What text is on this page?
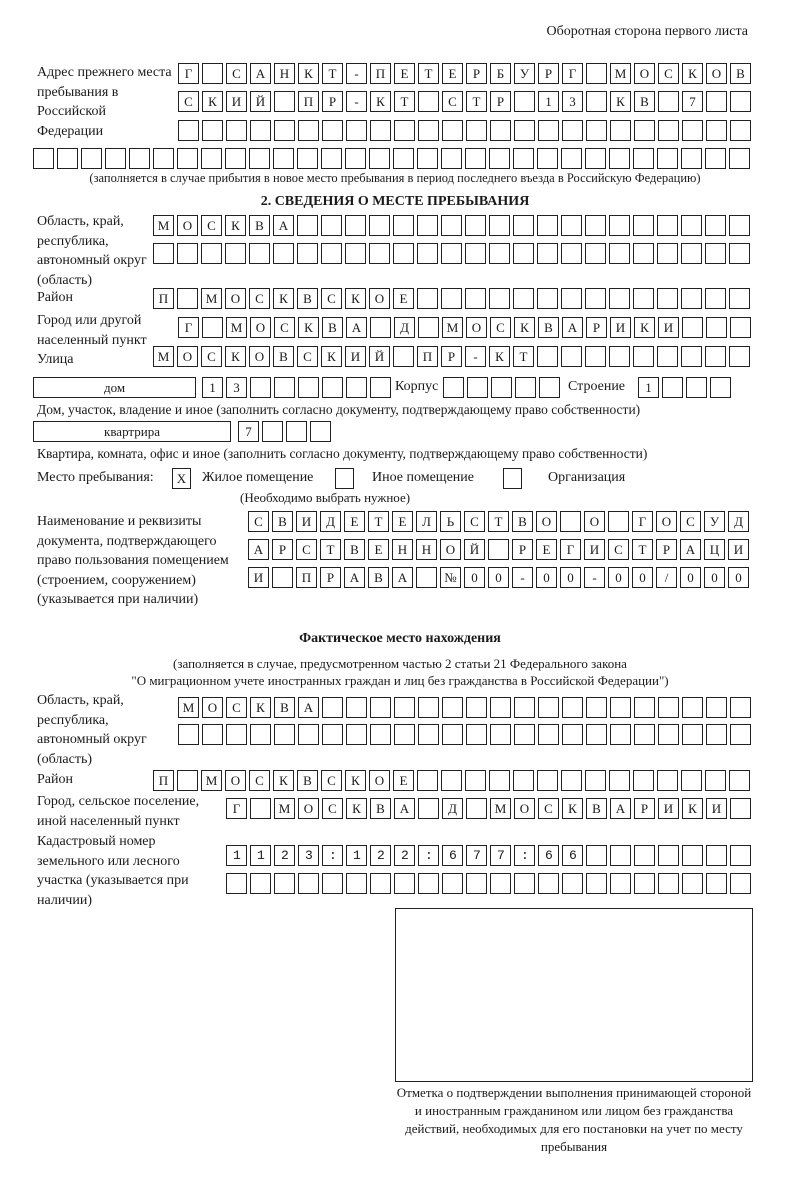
Оборотная сторона первого листа
Адрес прежнего места пребывания в Российской Федерации
Г	С	А	Н	К	Т	-	П	Е	Т	Е	Р	Б	У	Р	Г	М	О	С	К	О	В
С	К	И	Й	П	Р	-	К	Т	С	Т	Р	1	3	К	В	7
(заполняется в случае прибытия в новое место пребывания в период последнего въезда в Российскую Федерацию)
2. СВЕДЕНИЯ О МЕСТЕ ПРЕБЫВАНИЯ
Область, край, республика, автономный округ (область)
М	О	С	К	В	А
Район	П	М	О	С	К	В	С	К	О	Е
Город или другой населенный пункт
Г	М	О	С	К	В	А	Д	М	О	С	К	В	А	Р	И	К	И
Улица	М	О	С	К	О	В	С	К	И	Й	П	Р	-	К	Т
дом	1	3	Корпус	Строение	1
Дом, участок, владение и иное (заполнить согласно документу, подтверждающему право собственности)
квартрира	7
Квартира, комната, офис и иное (заполнить согласно документу, подтверждающему право собственности)
Место пребывания:	X	Жилое помещение	Иное помещение	Организация
(Необходимо выбрать нужное)
Наименование и реквизиты документа, подтверждающего право пользования помещением (строением, сооружением) (указывается при наличии)
С	В	И	Д	Е	Т	Е	Л	Ь	С	Т	В	О	О	Г	О	С	У	Д
А	Р	С	Т	В	Е	Н	Н	О	Й	Р	Е	Г	И	С	Т	Р	А	Ц	И
И	П	Р	А	В	А	№	0	0	-	0	0	-	0	0	/	0	0	0
Фактическое место нахождения
(заполняется в случае, предусмотренном частью 2 статьи 21 Федерального закона
"О миграционном учете иностранных граждан и лиц без гражданства в Российской Федерации")
Область, край, республика, автономный округ (область)
М	О	С	К	В	А
Район	П	М	О	С	К	В	С	К	О	Е
Город, сельское поселение, иной населенный пункт
Г	М	О	С	К	В	А	Д	М	О	С	К	В	А	Р	И	К	И
Кадастровый номер земельного или лесного участка (указывается при наличии)
1123:122:677:66
Отметка о подтверждении выполнения принимающей стороной и иностранным гражданином или лицом без гражданства действий, необходимых для его постановки на учет по месту пребывания
